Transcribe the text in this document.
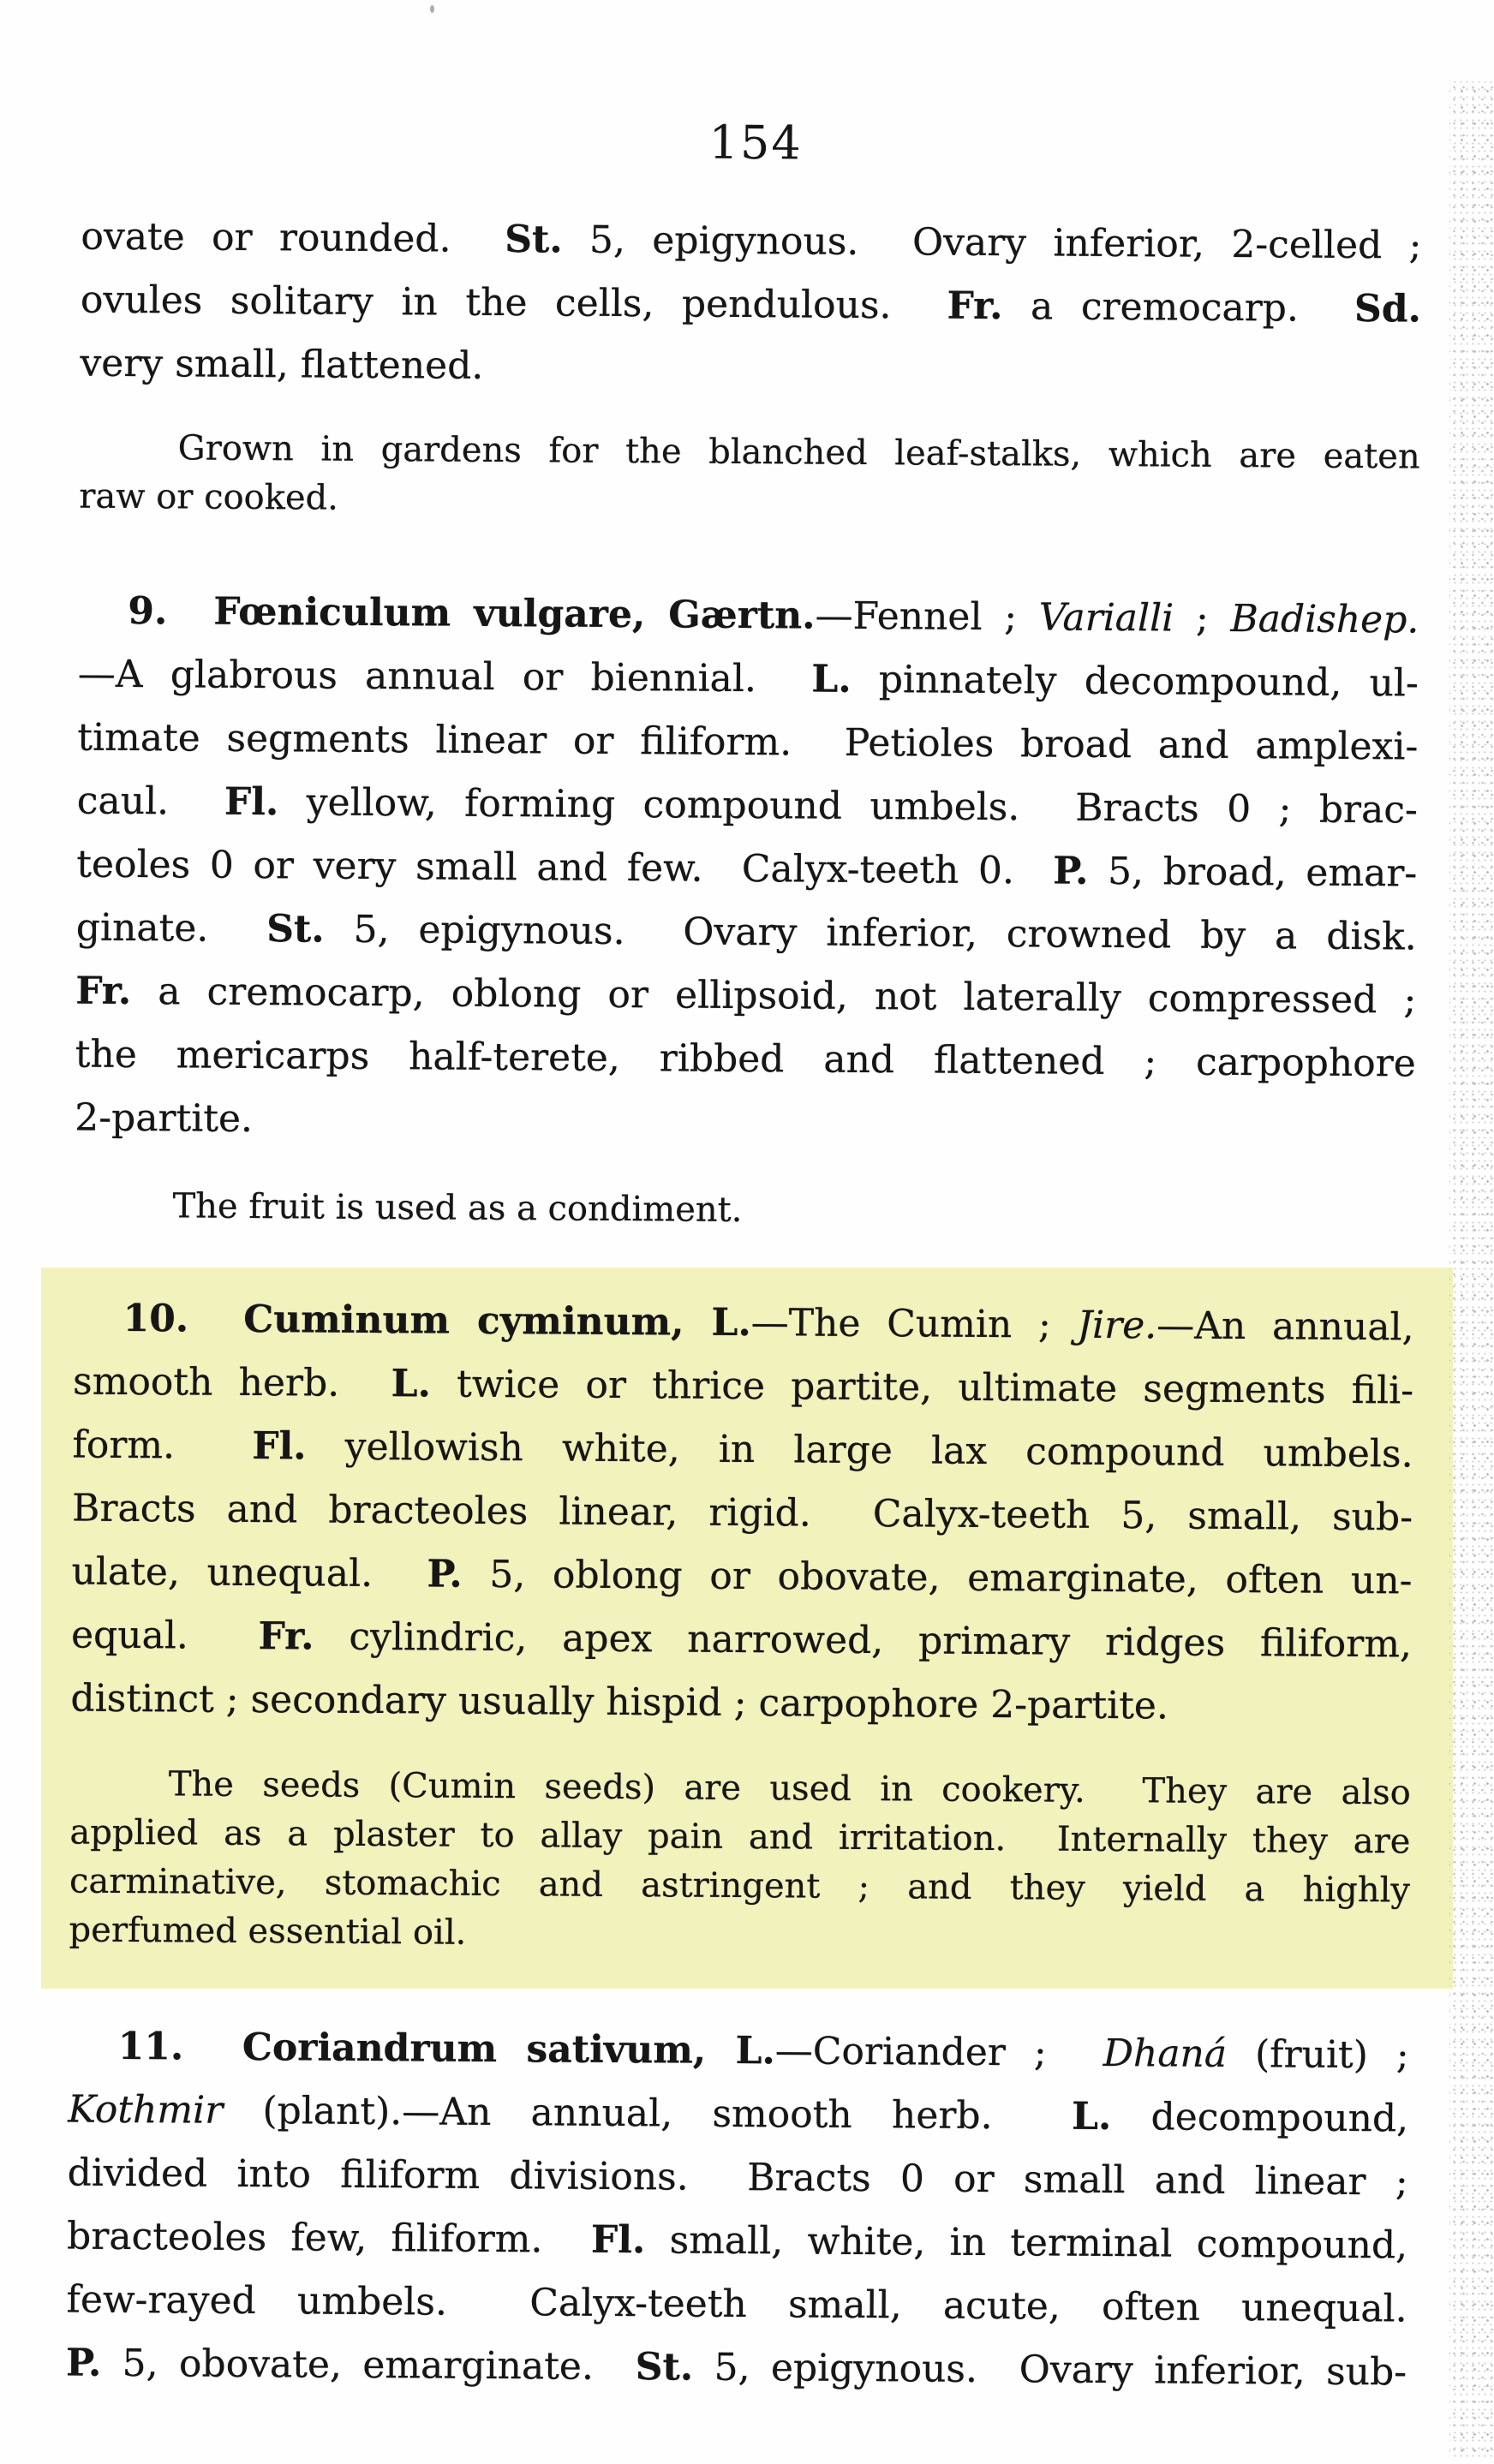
154
ovate or rounded.  St. 5, epigynous.  Ovary inferior, 2-celled ;
ovules solitary in the cells, pendulous.  Fr. a cremocarp.  Sd.
very small, flattened.
Grown in gardens for the blanched leaf-stalks, which are eaten
raw or cooked.
9.  Fœniculum vulgare, Gærtn.—Fennel ; Varialli ; Badishep.
—A glabrous annual or biennial.  L. pinnately decompound, ul-
timate segments linear or filiform.  Petioles broad and amplexi-
caul.  Fl. yellow, forming compound umbels.  Bracts 0 ; brac-
teoles 0 or very small and few.  Calyx-teeth 0.  P. 5, broad, emar-
ginate.  St. 5, epigynous.  Ovary inferior, crowned by a disk.
Fr. a cremocarp, oblong or ellipsoid, not laterally compressed ;
the mericarps half-terete, ribbed and flattened ; carpophore
2-partite.
The fruit is used as a condiment.
10.  Cuminum cyminum, L.—The Cumin ; Jire.—An annual,
smooth herb.  L. twice or thrice partite, ultimate segments fili-
form.  Fl. yellowish white, in large lax compound umbels.
Bracts and bracteoles linear, rigid.  Calyx-teeth 5, small, sub-
ulate, unequal.  P. 5, oblong or obovate, emarginate, often un-
equal.  Fr. cylindric, apex narrowed, primary ridges filiform,
distinct ; secondary usually hispid ; carpophore 2-partite.
The seeds (Cumin seeds) are used in cookery.  They are also
applied as a plaster to allay pain and irritation.  Internally they are
carminative, stomachic and astringent ; and they yield a highly
perfumed essential oil.
11.  Coriandrum sativum, L.—Coriander ;  Dhaná (fruit) ;
Kothmir (plant).—An annual, smooth herb.  L. decompound,
divided into filiform divisions.  Bracts 0 or small and linear ;
bracteoles few, filiform.  Fl. small, white, in terminal compound,
few-rayed umbels.  Calyx-teeth small, acute, often unequal.
P. 5, obovate, emarginate.  St. 5, epigynous.  Ovary inferior, sub-
